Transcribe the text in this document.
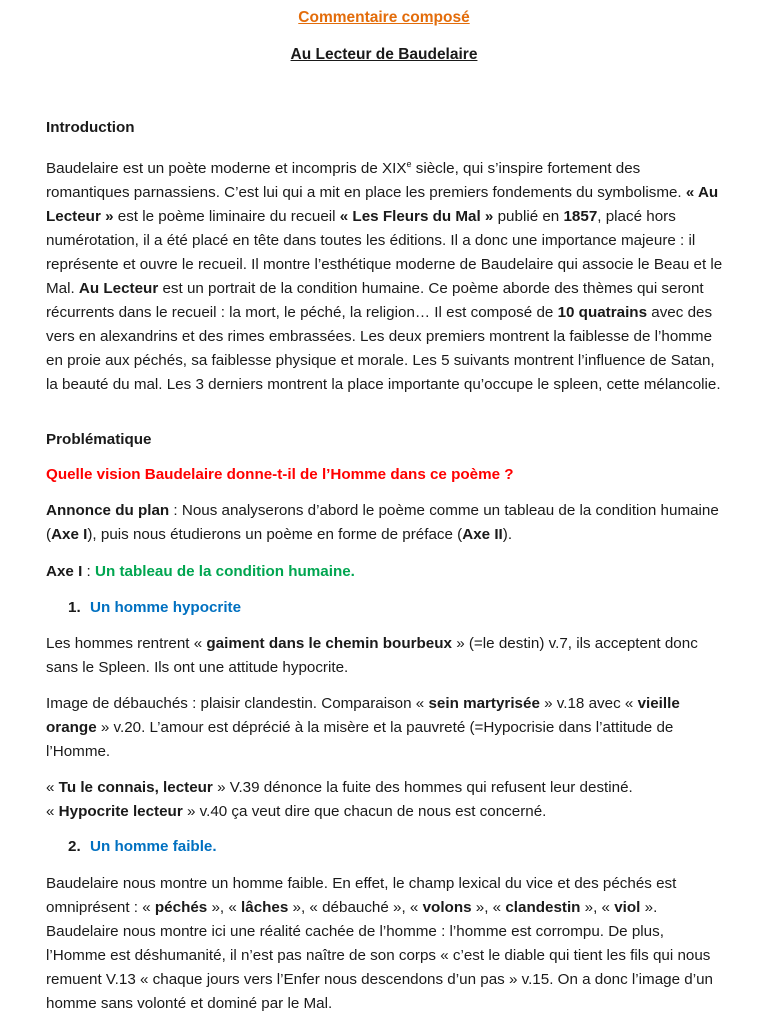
Commentaire composé
Au Lecteur de Baudelaire
Introduction
Baudelaire est un poète moderne et incompris de XIXe siècle, qui s’inspire fortement des romantiques parnassiens. C’est lui qui a mit en place les premiers fondements du symbolisme. « Au Lecteur » est le poème liminaire du recueil « Les Fleurs du Mal » publié en 1857, placé hors numérotation, il a été placé en tête dans toutes les éditions. Il a donc une importance majeure : il représente et ouvre le recueil. Il montre l’esthétique moderne de Baudelaire qui associe le Beau et le Mal. Au Lecteur est un portrait de la condition humaine. Ce poème aborde des thèmes qui seront récurrents dans le recueil : la mort, le péché, la religion… Il est composé de 10 quatrains avec des vers en alexandrins et des rimes embrassées. Les deux premiers montrent la faiblesse de l’homme en proie aux péchés, sa faiblesse physique et morale. Les 5 suivants montrent l’influence de Satan, la beauté du mal. Les 3 derniers montrent la place importante qu’occupe le spleen, cette mélancolie.
Problématique
Quelle vision Baudelaire donne-t-il de l’Homme dans ce poème ?
Annonce du plan : Nous analyserons d’abord le poème comme un tableau de la condition humaine (Axe I), puis nous étudierons un poème en forme de préface (Axe II).
Axe I : Un tableau de la condition humaine.
1. Un homme hypocrite
Les hommes rentrent « gaiment dans le chemin bourbeux » (=le destin) v.7, ils acceptent donc sans le Spleen. Ils ont une attitude hypocrite.
Image de débauchés : plaisir clandestin. Comparaison « sein martyrisée » v.18 avec « vieille orange » v.20. L’amour est déprécié à la misère et la pauvreté (=Hypocrisie dans l’attitude de l’Homme.
« Tu le connais, lecteur » V.39 dénonce la fuite des hommes qui refusent leur destiné.
« Hypocrite lecteur » v.40 ça veut dire que chacun de nous est concerné.
2. Un homme faible.
Baudelaire nous montre un homme faible. En effet, le champ lexical du vice et des péchés est omniprésent : « péchés », « lâches », « débauché », « volons », « clandestin », « viol ». Baudelaire nous montre ici une réalité cachée de l’homme : l’homme est corrompu. De plus, l’Homme est déshumanité, il n’est pas naître de son corps « c’est le diable qui tient les fils qui nous remuent V.13 « chaque jours vers l’Enfer nous descendons d’un pas » v.15. On a donc l’image d’un homme sans volonté et dominé par le Mal.
